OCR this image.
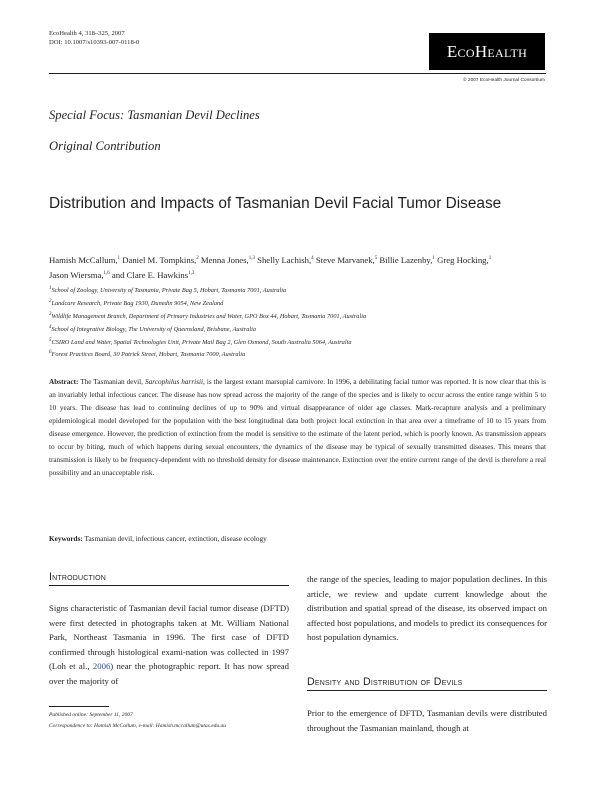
EcoHealth 4, 318–325, 2007
DOI: 10.1007/s10393-007-0118-0	EcoHealth
© 2007 EcoHealth Journal Consortium
Special Focus: Tasmanian Devil Declines
Original Contribution
Distribution and Impacts of Tasmanian Devil Facial Tumor Disease
Hamish McCallum,$^1$ Daniel M. Tompkins,$^2$ Menna Jones,$^{1,3}$ Shelly Lachish,$^4$ Steve Marvanek,$^5$ Billie Lazenby,$^1$ Greg Hocking,$^1$ Jason Wiersma,$^{1,6}$ and Clare E. Hawkins$^{1,3}$
$^1$School of Zoology, University of Tasmania, Private Bag 5, Hobart, Tasmania 7001, Australia
$^2$Landcare Research, Private Bag 1930, Dunedin 9054, New Zealand
$^3$Wildlife Management Branch, Department of Primary Industries and Water, GPO Box 44, Hobart, Tasmania 7001, Australia
$^4$School of Integrative Biology, The University of Queensland, Brisbane, Australia
$^5$CSIRO Land and Water, Spatial Technologies Unit, Private Mail Bag 2, Glen Osmond, South Australia 5064, Australia
$^6$Forest Practices Board, 30 Patrick Street, Hobart, Tasmania 7000, Australia
Abstract: The Tasmanian devil, Sarcophilus harrisii, is the largest extant marsupial carnivore. In 1996, a debilitating facial tumor was reported. It is now clear that this is an invariably lethal infectious cancer. The disease has now spread across the majority of the range of the species and is likely to occur across the entire range within 5 to 10 years. The disease has lead to continuing declines of up to 90% and virtual disappearance of older age classes. Mark-recapture analysis and a preliminary epidemiological model developed for the population with the best longitudinal data both project local extinction in that area over a timeframe of 10 to 15 years from disease emergence. However, the prediction of extinction from the model is sensitive to the estimate of the latent period, which is poorly known. As transmission appears to occur by biting, much of which happens during sexual encounters, the dynamics of the disease may be typical of sexually transmitted diseases. This means that transmission is likely to be frequency-dependent with no threshold density for disease maintenance. Extinction over the entire current range of the devil is therefore a real possibility and an unacceptable risk.
Keywords: Tasmanian devil, infectious cancer, extinction, disease ecology
Introduction
Signs characteristic of Tasmanian devil facial tumor disease (DFTD) were first detected in photographs taken at Mt. William National Park, Northeast Tasmania in 1996. The first case of DFTD confirmed through histological exami-nation was collected in 1997 (Loh et al., 2006) near the photographic report. It has now spread over the majority of
Published online: September 11, 2007
Correspondence to: Hamish McCallum, e-mail: Hamish.mccallum@utas.edu.au
the range of the species, leading to major population declines. In this article, we review and update current knowledge about the distribution and spatial spread of the disease, its observed impact on affected host populations, and models to predict its consequences for host population dynamics.
Density and Distribution of Devils
Prior to the emergence of DFTD, Tasmanian devils were distributed throughout the Tasmanian mainland, though at
